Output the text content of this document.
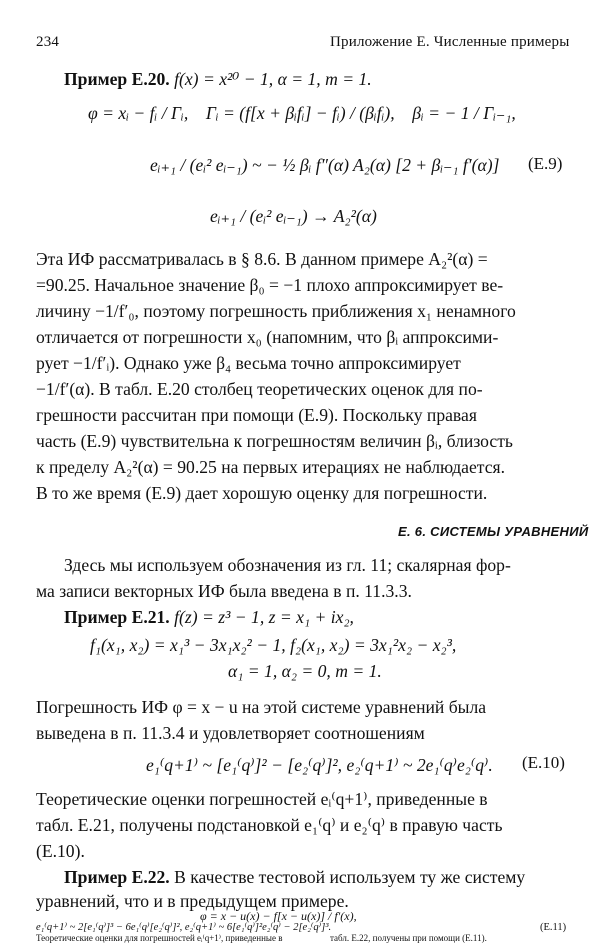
234	Приложение Е. Численные примеры
Пример Е.20. f(x) = x²⁰ − 1, α = 1, m = 1.
φ = xᵢ − fᵢ / Γᵢ,    Γᵢ = (f[x + βᵢfᵢ] − fᵢ) / (βᵢfᵢ),    βᵢ = − 1 / Γᵢ₋₁,
eᵢ₊₁ / (eᵢ² eᵢ₋₁) ~ − ½ βᵢ f″(α) A₂(α) [2 + βᵢ₋₁ f′(α)] (Е.9)
eᵢ₊₁ / (eᵢ² eᵢ₋₁) → A₂²(α)
Эта ИФ рассматривалась в § 8.6. В данном примере A₂²(α) =
=90.25. Начальное значение β₀ = −1 плохо аппроксимирует ве-
личину −1/f′₀, поэтому погрешность приближения x₁ ненамного
отличается от погрешности x₀ (напомним, что βᵢ аппроксими-
рует −1/f′ᵢ). Однако уже β₄ весьма точно аппроксимирует
−1/f′(α). В табл. Е.20 столбец теоретических оценок для по-
грешности рассчитан при помощи (Е.9). Поскольку правая
часть (Е.9) чувствительна к погрешностям величин βᵢ, близость
к пределу A₂²(α) = 90.25 на первых итерациях не наблюдается.
В то же время (Е.9) дает хорошую оценку для погрешности.
Е. 6. СИСТЕМЫ УРАВНЕНИЙ
Здесь мы используем обозначения из гл. 11; скалярная фор-
ма записи векторных ИФ была введена в п. 11.3.3.
Пример Е.21. f(z) = z³ − 1, z = x₁ + ix₂,
f₁(x₁, x₂) = x₁³ − 3x₁x₂² − 1, f₂(x₁, x₂) = 3x₁²x₂ − x₂³,
α₁ = 1, α₂ = 0, m = 1.
Погрешность ИФ φ = x − u на этой системе уравнений была
выведена в п. 11.3.4 и удовлетворяет соотношениям
e₁⁽q+1⁾ ~ [e₁⁽q⁾]² − [e₂⁽q⁾]², e₂⁽q+1⁾ ~ 2e₁⁽q⁾e₂⁽q⁾. (Е.10)
Теоретические оценки погрешностей eᵢ⁽q+1⁾, приведенные в
табл. Е.21, получены подстановкой e₁⁽q⁾ и e₂⁽q⁾ в правую часть
(Е.10).
Пример Е.22. В качестве тестовой используем ту же систему
уравнений, что и в предыдущем примере.
φ = x − u(x) − f[x − u(x)] / f′(x),
e₁⁽q+1⁾ ~ 2[e₁⁽q⁾]³ − 6e₁⁽q⁾[e₂⁽q⁾]², e₂⁽q+1⁾ ~ 6[e₁⁽q⁾]²e₂⁽q⁾ − 2[e₂⁽q⁾]³.	(Е.11)
Теоретические оценки для погрешностей eᵢ⁽q+1⁾, приведенные в	табл. Е.22, получены при помощи (Е.11).
